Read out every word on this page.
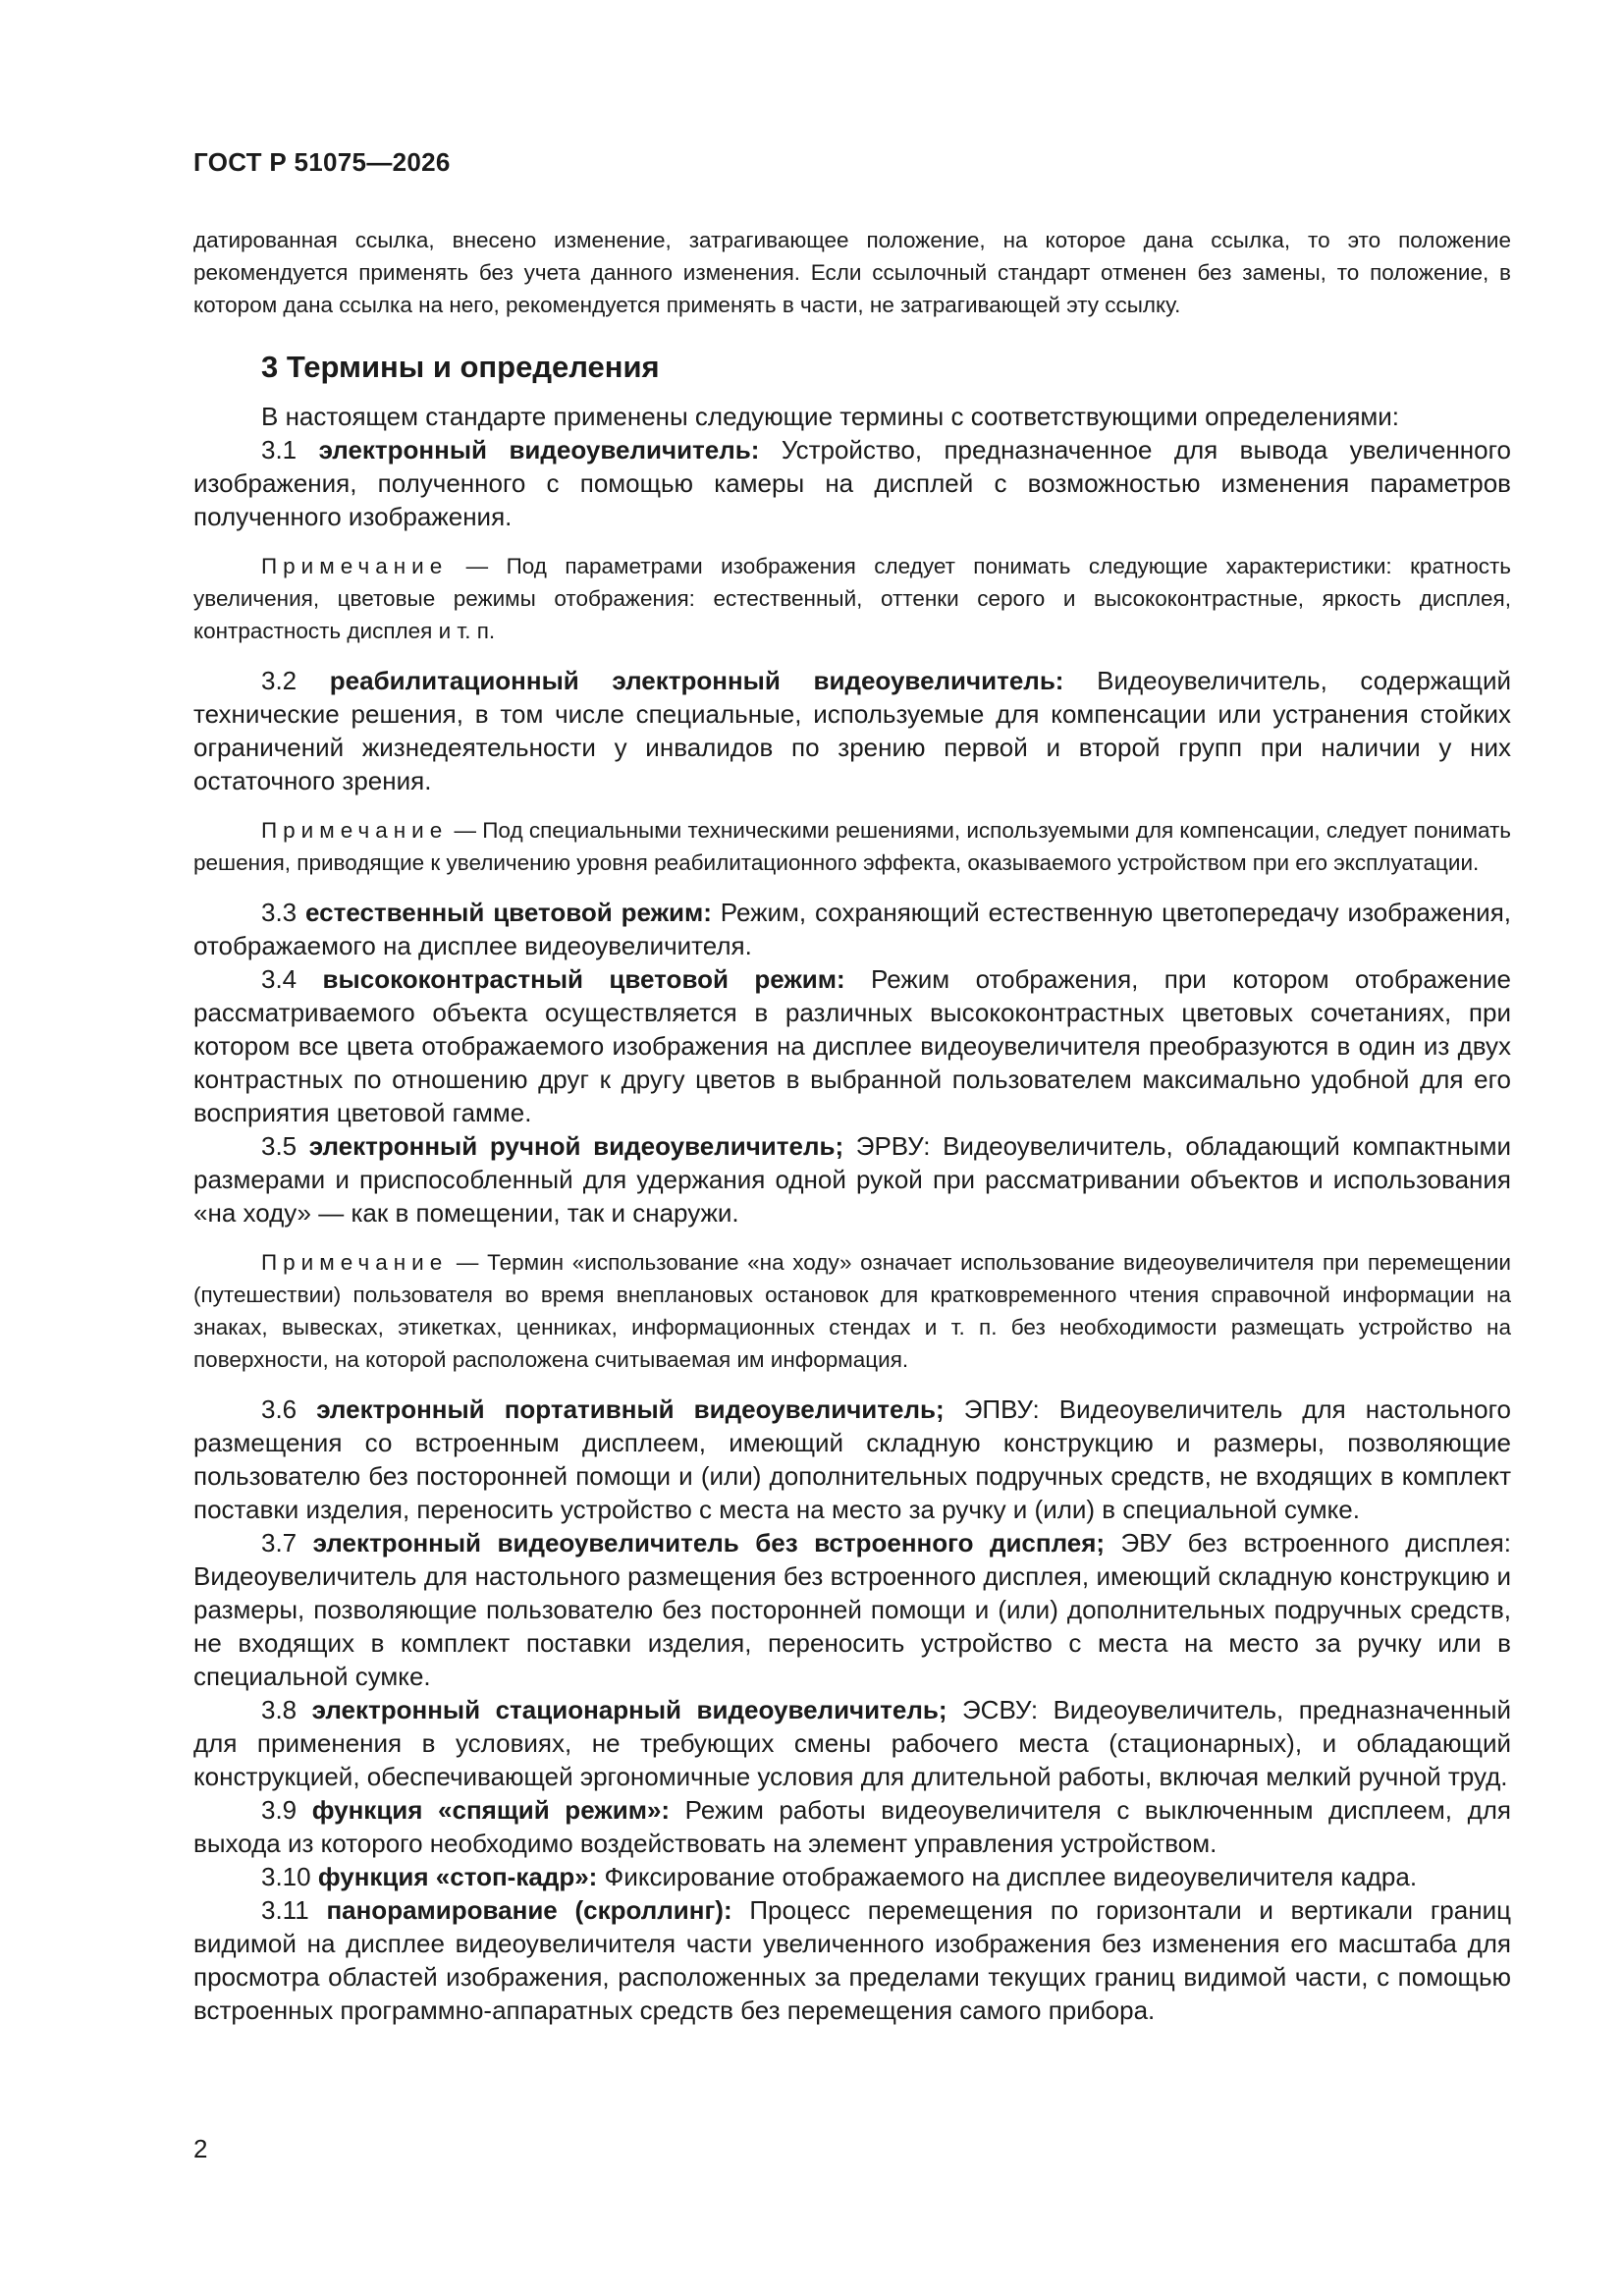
ГОСТ Р 51075—2026

датированная ссылка, внесено изменение, затрагивающее положение, на которое дана ссылка, то это положение рекомендуется применять без учета данного изменения. Если ссылочный стандарт отменен без замены, то положение, в котором дана ссылка на него, рекомендуется применять в части, не затрагивающей эту ссылку.

3 Термины и определения

В настоящем стандарте применены следующие термины с соответствующими определениями:

3.1 электронный видеоувеличитель: Устройство, предназначенное для вывода увеличенного изображения, полученного с помощью камеры на дисплей с возможностью изменения параметров полученного изображения.

Примечание — Под параметрами изображения следует понимать следующие характеристики: кратность увеличения, цветовые режимы отображения: естественный, оттенки серого и высококонтрастные, яркость дисплея, контрастность дисплея и т. п.

3.2 реабилитационный электронный видеоувеличитель: Видеоувеличитель, содержащий технические решения, в том числе специальные, используемые для компенсации или устранения стойких ограничений жизнедеятельности у инвалидов по зрению первой и второй групп при наличии у них остаточного зрения.

Примечание — Под специальными техническими решениями, используемыми для компенсации, следует понимать решения, приводящие к увеличению уровня реабилитационного эффекта, оказываемого устройством при его эксплуатации.

3.3 естественный цветовой режим: Режим, сохраняющий естественную цветопередачу изображения, отображаемого на дисплее видеоувеличителя.

3.4 высококонтрастный цветовой режим: Режим отображения, при котором отображение рассматриваемого объекта осуществляется в различных высококонтрастных цветовых сочетаниях, при котором все цвета отображаемого изображения на дисплее видеоувеличителя преобразуются в один из двух контрастных по отношению друг к другу цветов в выбранной пользователем максимально удобной для его восприятия цветовой гамме.

3.5 электронный ручной видеоувеличитель; ЭРВУ: Видеоувеличитель, обладающий компактными размерами и приспособленный для удержания одной рукой при рассматривании объектов и использования «на ходу» — как в помещении, так и снаружи.

Примечание — Термин «использование «на ходу» означает использование видеоувеличителя при перемещении (путешествии) пользователя во время внеплановых остановок для кратковременного чтения справочной информации на знаках, вывесках, этикетках, ценниках, информационных стендах и т. п. без необходимости размещать устройство на поверхности, на которой расположена считываемая им информация.

3.6 электронный портативный видеоувеличитель; ЭПВУ: Видеоувеличитель для настольного размещения со встроенным дисплеем, имеющий складную конструкцию и размеры, позволяющие пользователю без посторонней помощи и (или) дополнительных подручных средств, не входящих в комплект поставки изделия, переносить устройство с места на место за ручку и (или) в специальной сумке.

3.7 электронный видеоувеличитель без встроенного дисплея; ЭВУ без встроенного дисплея: Видеоувеличитель для настольного размещения без встроенного дисплея, имеющий складную конструкцию и размеры, позволяющие пользователю без посторонней помощи и (или) дополнительных подручных средств, не входящих в комплект поставки изделия, переносить устройство с места на место за ручку или в специальной сумке.

3.8 электронный стационарный видеоувеличитель; ЭСВУ: Видеоувеличитель, предназначенный для применения в условиях, не требующих смены рабочего места (стационарных), и обладающий конструкцией, обеспечивающей эргономичные условия для длительной работы, включая мелкий ручной труд.

3.9 функция «спящий режим»: Режим работы видеоувеличителя с выключенным дисплеем, для выхода из которого необходимо воздействовать на элемент управления устройством.

3.10 функция «стоп-кадр»: Фиксирование отображаемого на дисплее видеоувеличителя кадра.

3.11 панорамирование (скроллинг): Процесс перемещения по горизонтали и вертикали границ видимой на дисплее видеоувеличителя части увеличенного изображения без изменения его масштаба для просмотра областей изображения, расположенных за пределами текущих границ видимой части, с помощью встроенных программно-аппаратных средств без перемещения самого прибора.

2
